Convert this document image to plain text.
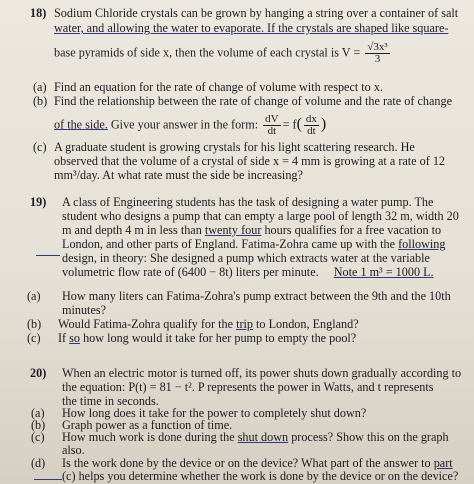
18) Sodium Chloride crystals can be grown by hanging a string over a container of salt
water, and allowing the water to evaporate. If the crystals are shaped like square-
base pyramids of side x, then the volume of each crystal is $V = \frac{\text{√3x³}}{3}$
(a) Find an equation for the rate of change of volume with respect to x.
(b) Find the relationship between the rate of change of volume and the rate of change
of the side. Give your answer in the form: $\frac{dV}{dt} = f( \frac{dx}{dt}$ )
(c) A graduate student is growing crystals for his light scattering research. He
observed that the volume of a crystal of side x = 4 mm is growing at a rate of 12
mm³/day. At what rate must the side be increasing?
19) A class of Engineering students has the task of designing a water pump. The
student who designs a pump that can empty a large pool of length 32 m, width 20
m and depth 4 m in less than twenty four hours qualifies for a free vacation to
London, and other parts of England. Fatima-Zohra came up with the following
design, in theory: She designed a pump which extracts water at the variable
volumetric flow rate of (6400 − 8t) liters per minute. Note 1 m³ = 1000 L.
(a) How many liters can Fatima-Zohra's pump extract between the 9th and the 10th
minutes?
(b) Would Fatima-Zohra qualify for the trip to London, England?
(c) If so how long would it take for her pump to empty the pool?
20) When an electric motor is turned off, its power shuts down gradually according to
the equation: P(t) = 81 − t². P represents the power in Watts, and t represents
the time in seconds.
(a) How long does it take for the power to completely shut down?
(b) Graph power as a function of time.
(c) How much work is done during the shut down process? Show this on the graph
also.
(d) Is the work done by the device or on the device? What part of the answer to part
(c) helps you determine whether the work is done by the device or on the device?
